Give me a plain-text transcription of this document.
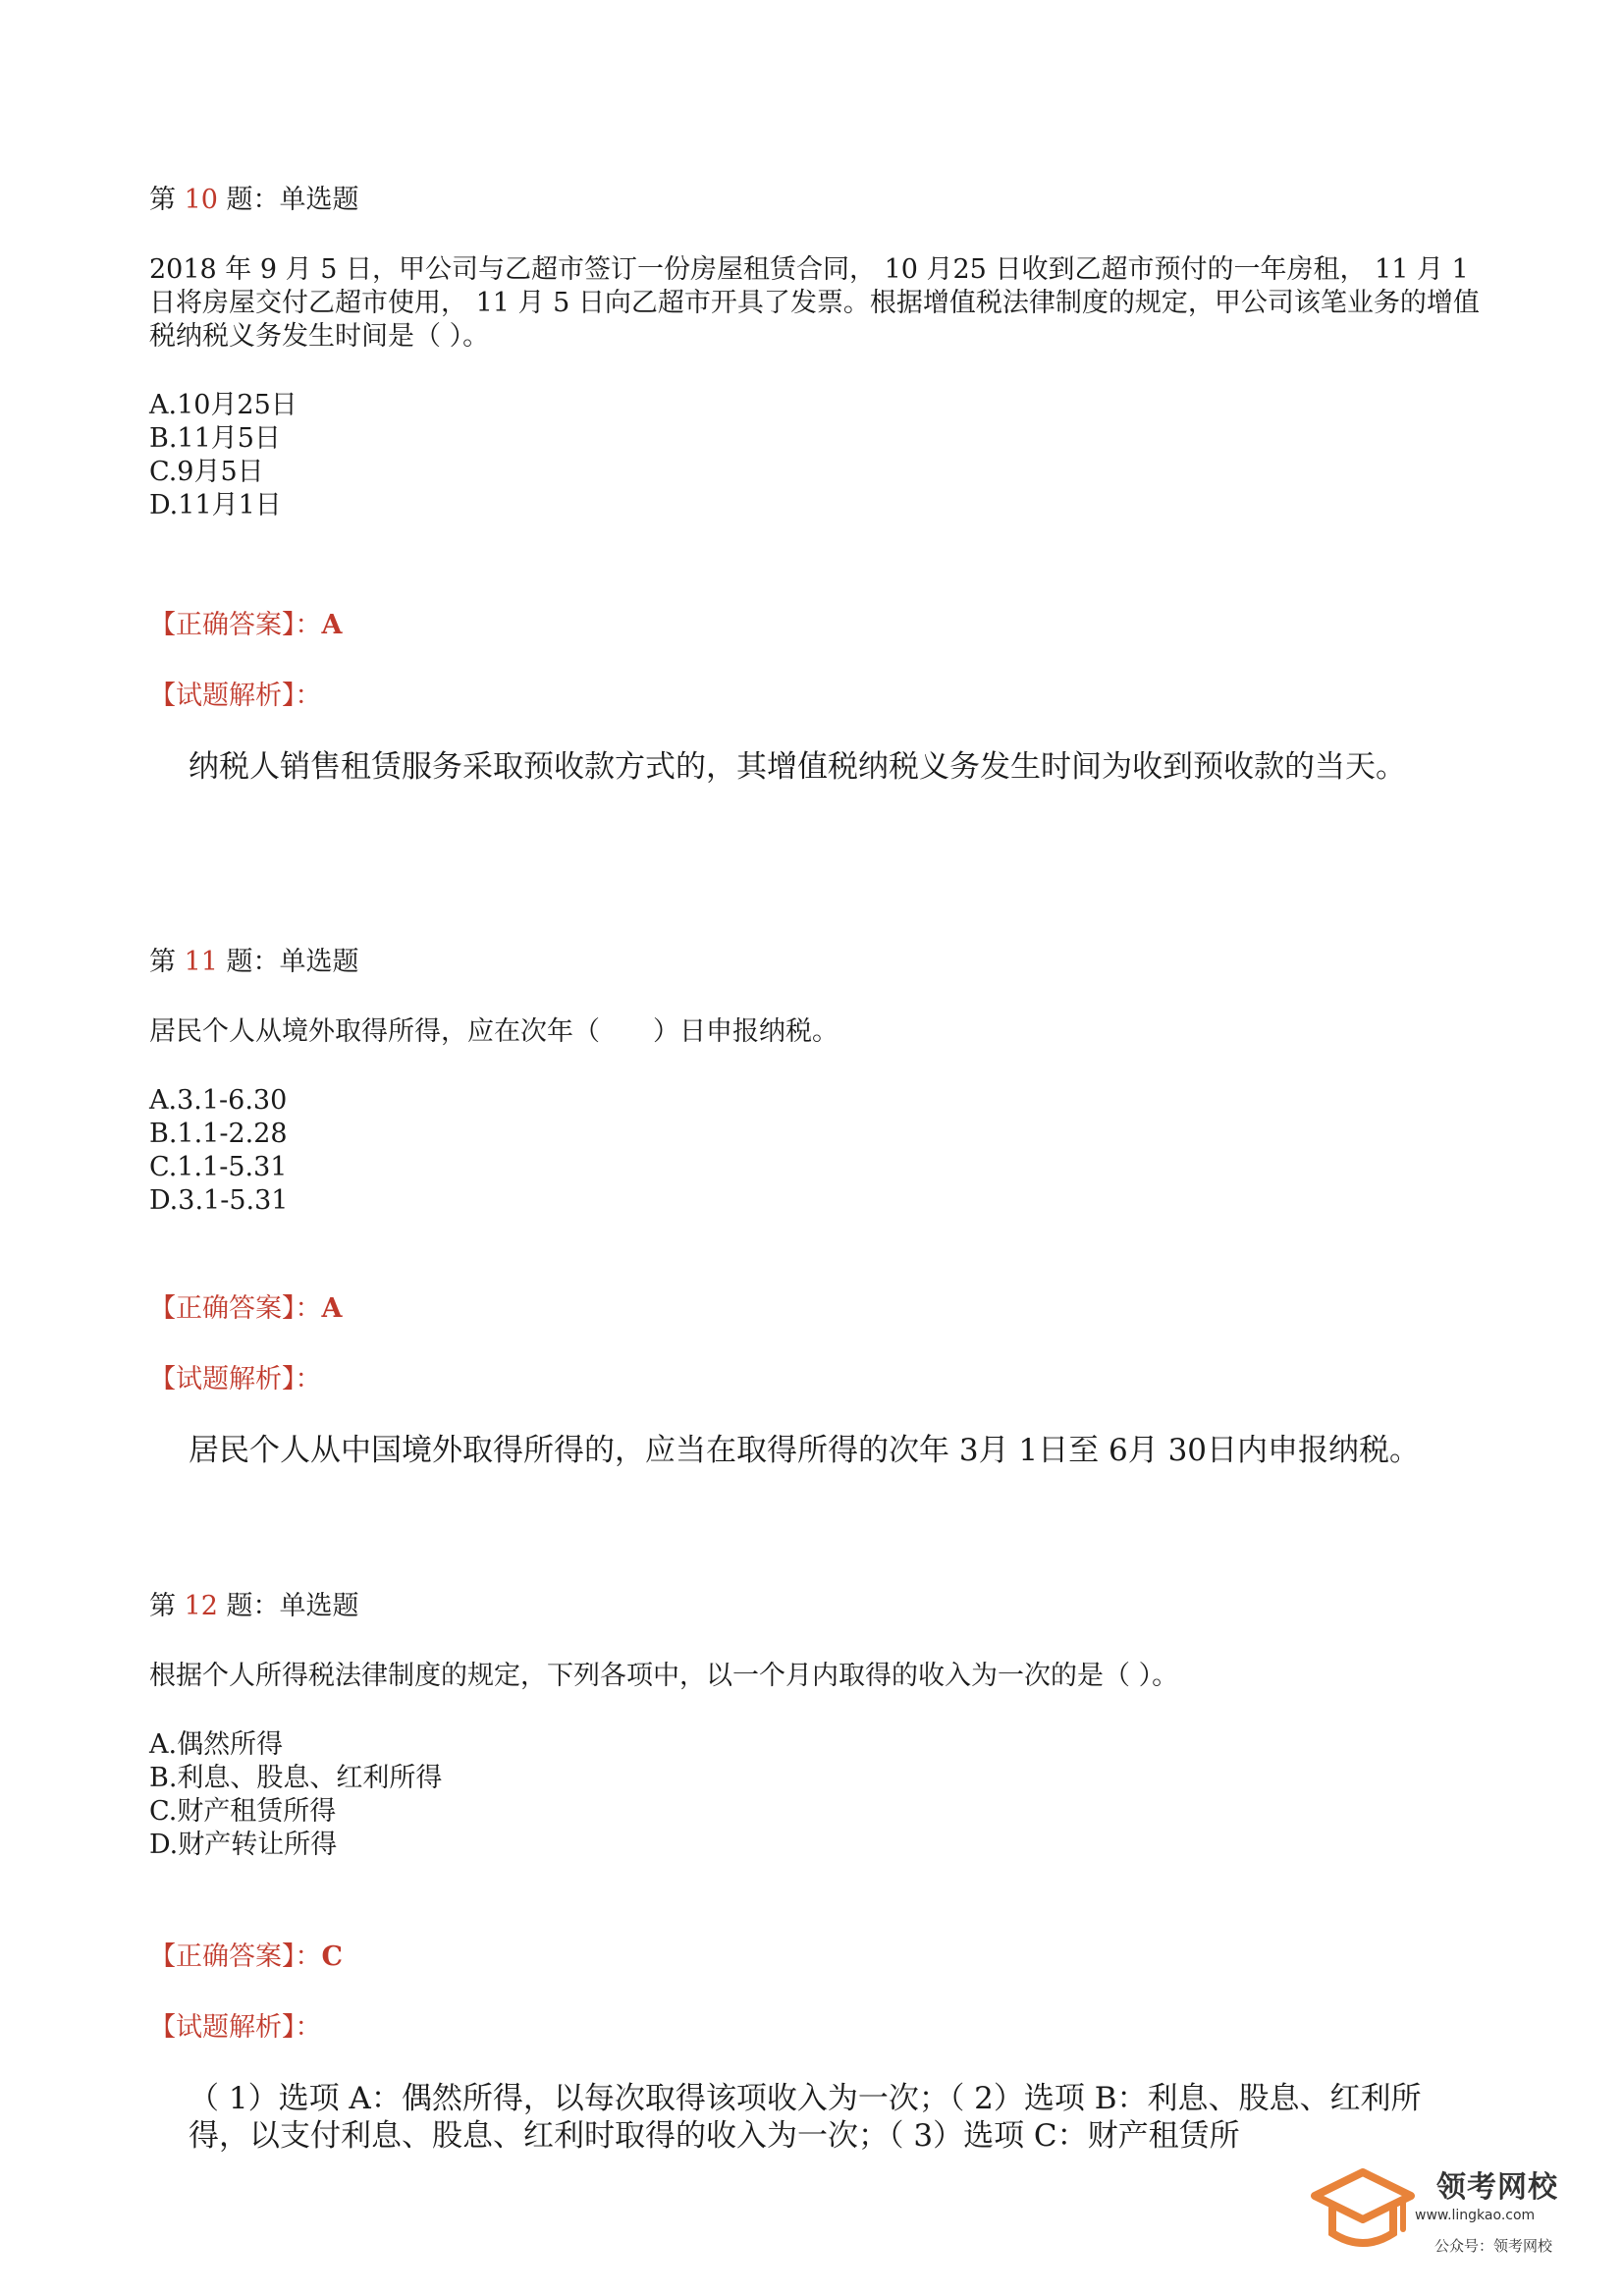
第 10 题：单选题

2018 年 9 月 5 日，甲公司与乙超市签订一份房屋租赁合同， 10 月25 日收到乙超市预付的一年房租， 11 月 1 日将房屋交付乙超市使用， 11 月 5 日向乙超市开具了发票。根据增值税法律制度的规定，甲公司该笔业务的增值税纳税义务发生时间是（ ）。
A.10月25日
B.11月5日
C.9月5日
D.11月1日
【正确答案】：A
【试题解析】：
纳税人销售租赁服务采取预收款方式的，其增值税纳税义务发生时间为收到预收款的当天。

第 11 题：单选题

居民个人从境外取得所得，应在次年（　　）日申报纳税。
A.3.1-6.30
B.1.1-2.28
C.1.1-5.31
D.3.1-5.31
【正确答案】：A
【试题解析】：
居民个人从中国境外取得所得的，应当在取得所得的次年 3月 1日至 6月 30日内申报纳税。

第 12 题：单选题

根据个人所得税法律制度的规定，下列各项中，以一个月内取得的收入为一次的是（ ）。
A.偶然所得
B.利息、股息、红利所得
C.财产租赁所得
D.财产转让所得
【正确答案】：C
【试题解析】：
（ 1）选项 A：偶然所得，以每次取得该项收入为一次；（ 2）选项 B：利息、股息、红利所得，以支付利息、股息、红利时取得的收入为一次；（ 3）选项 C：财产租赁所
领考网校
www.lingkao.com
公众号：领考网校
